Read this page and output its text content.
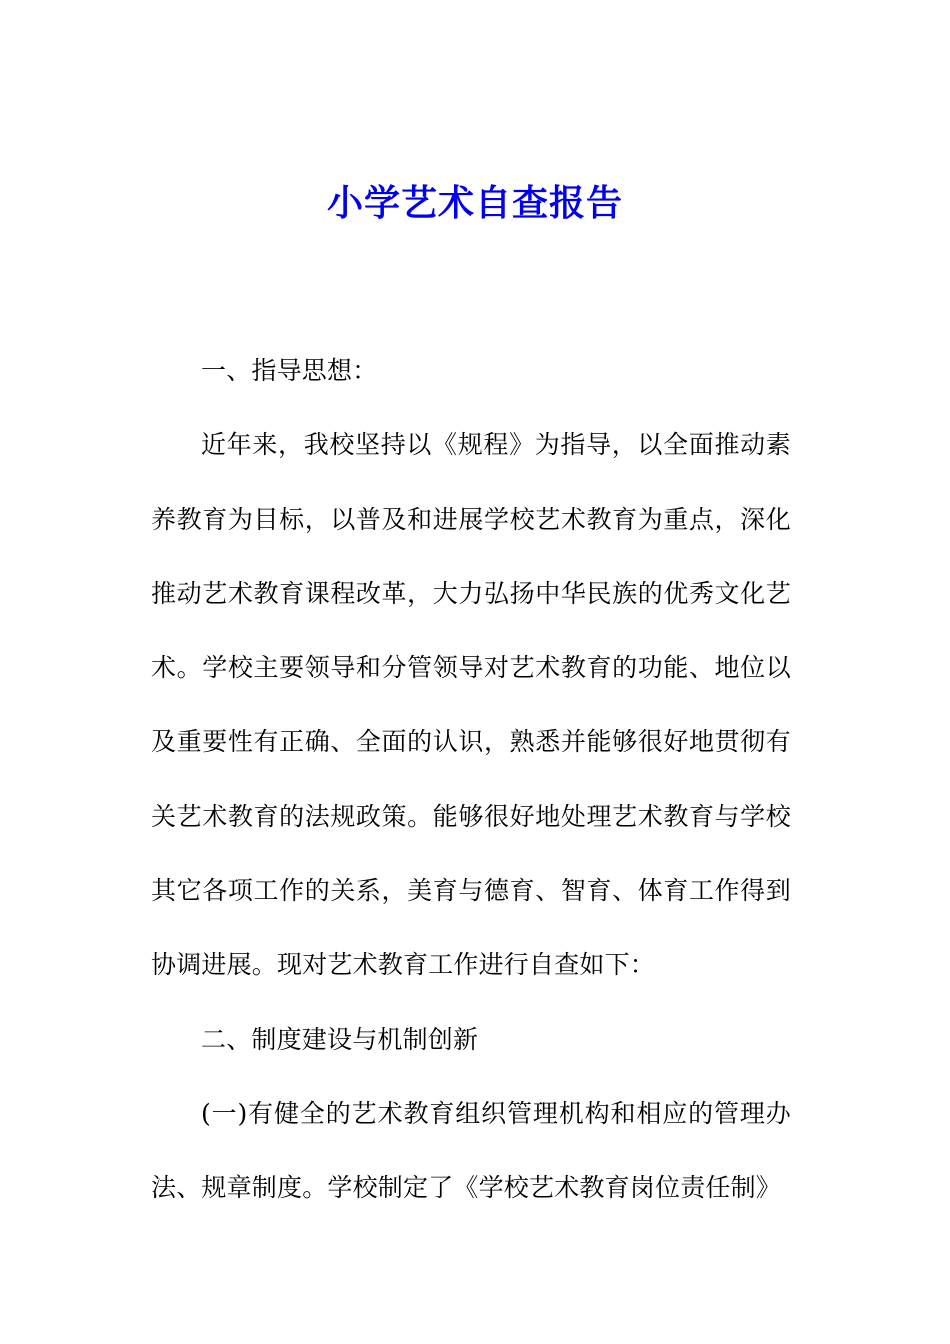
小学艺术自查报告

一、指导思想：

近年来，我校坚持以《规程》为指导，以全面推动素养教育为目标，以普及和进展学校艺术教育为重点，深化推动艺术教育课程改革，大力弘扬中华民族的优秀文化艺术。学校主要领导和分管领导对艺术教育的功能、地位以及重要性有正确、全面的认识，熟悉并能够很好地贯彻有关艺术教育的法规政策。能够很好地处理艺术教育与学校其它各项工作的关系，美育与德育、智育、体育工作得到协调进展。现对艺术教育工作进行自查如下：

二、制度建设与机制创新

(一)有健全的艺术教育组织管理机构和相应的管理办法、规章制度。学校制定了《学校艺术教育岗位责任制》
